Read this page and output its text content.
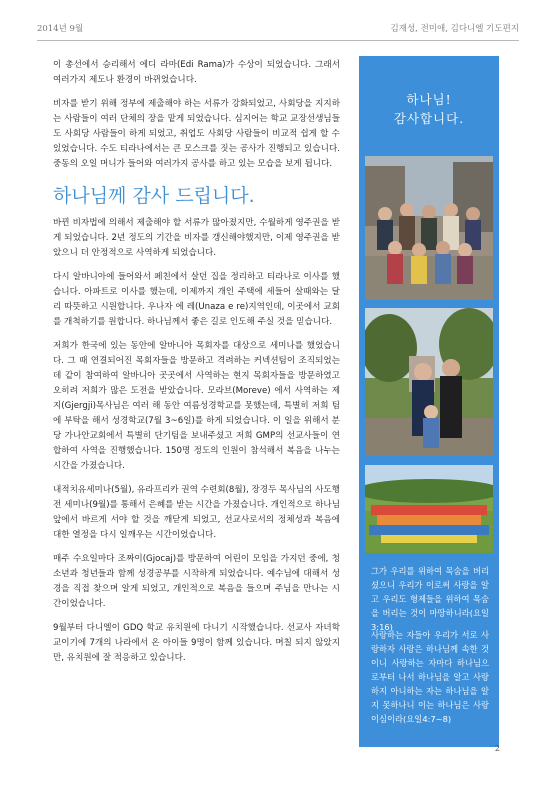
2014년 9월	김재성, 전미애, 김다니엘 기도편지

이 총선에서 승리해서 에디 라마(Edi Rama)가 수상이 되었습니다. 그래서 여러가지 제도나 환경이 바뀌었습니다.

비자를 받기 위해 정부에 제출해야 하는 서류가 강화되었고, 사회당을 지지하는 사람들이 여러 단체의 장을 맡게 되었습니다. 심지어는 학교 교장선생님들도 사회당 사람들이 하게 되었고, 취업도 사회당 사람들이 비교적 쉽게 할 수 있었습니다. 수도 티라나에서는 큰 모스크를 짓는 공사가 진행되고 있습니다. 중동의 오일 머니가 들어와 여러가지 공사를 하고 있는 모습을 보게 됩니다.

하나님께 감사 드립니다.

바뀐 비자법에 의해서 제출해야 할 서류가 많아졌지만, 수월하게 영주권을 받게 되었습니다. 2년 정도의 기간을 비자를 갱신해야했지만, 이제 영주권을 받았으니 더 안정적으로 사역하게 되었습니다.

다시 알바니아에 들어와서 페친에서 살던 집을 정리하고 티라나로 이사를 했습니다. 아파트로 이사를 했는데, 이제까지 개인 주택에 세들어 살때와는 달리 따뜻하고 시원합니다. 우나자 에 레(Unaza e re)지역인데, 이곳에서 교회를 개척하기를 원합니다. 하나님께서 좋은 길로 인도해 주실 것을 믿습니다.

저희가 한국에 있는 동안에 알바니아 목회자를 대상으로 세미나를 했었습니다. 그 때 연결되어진 목회자들을 방문하고 격려하는 커넥션팀이 조직되었는데 같이 참여하여 알바니아 곳곳에서 사역하는 현지 목회자들을 방문하였고 오히려 저희가 많은 도전을 받았습니다. 모라브(Moreve) 에서 사역하는 제지(Gjergji)목사님은 여러 해 동안 여름성경학교를 못했는데, 특별히 저희 팀에 부탁을 해서 성경학교(7월 3~6일)를 하게 되었습니다. 이 일을 위해서 분당 가나안교회에서 특별히 단기팀을 보내주셨고 저희 GMP의 선교사들이 연합하여 사역을 진행했습니다. 150명 정도의 인원이 참석해서 복음을 나누는 시간을 가졌습니다.

내적치유세미나(5월), 유라프리카 권역 수련회(8월), 장경두 목사님의 사도행전 세미나(9월)를 통해서 은혜를 받는 시간을 가졌습니다. 개인적으로 하나님 앞에서 바르게 서야 할 것을 깨닫게 되었고, 선교사로서의 정체성과 복음에 대한 열정을 다시 일깨우는 시간이었습니다.

매주 수요일마다 조짜이(Gjocaj)를 방문하여 어린이 모임을 가지던 중에, 청소년과 청년들과 함께 성경공부를 시작하게 되었습니다. 예수님에 대해서 성경을 직접 찾으며 알게 되었고, 개인적으로 복음을 들으며 주님을 만나는 시간이었습니다.

9월부터 다니엘이 GDQ 학교 유치원에 다니기 시작했습니다. 선교사 자녀학교이기에 7개의 나라에서 온 아이들 9명이 함께 있습니다. 며칠 되지 않았지만, 유치원에 잘 적응하고 있습니다.

하나님!
감사합니다.
그가 우리를 위하여 목숨을 버리셨으니 우리가 이로써 사랑을 알고 우리도 형제들을 위하여 목숨을 버리는 것이 마땅하니라(요일3:16)
사랑하는 자들아 우리가 서로 사랑하자 사랑은 하나님께 속한 것이니 사랑하는 자마다 하나님으로부터 나서 하나님을 알고 사랑하지 아니하는 자는 하나님을 알지 못하나니 이는 하나님은 사랑이심이라(요일4:7~8)
2
